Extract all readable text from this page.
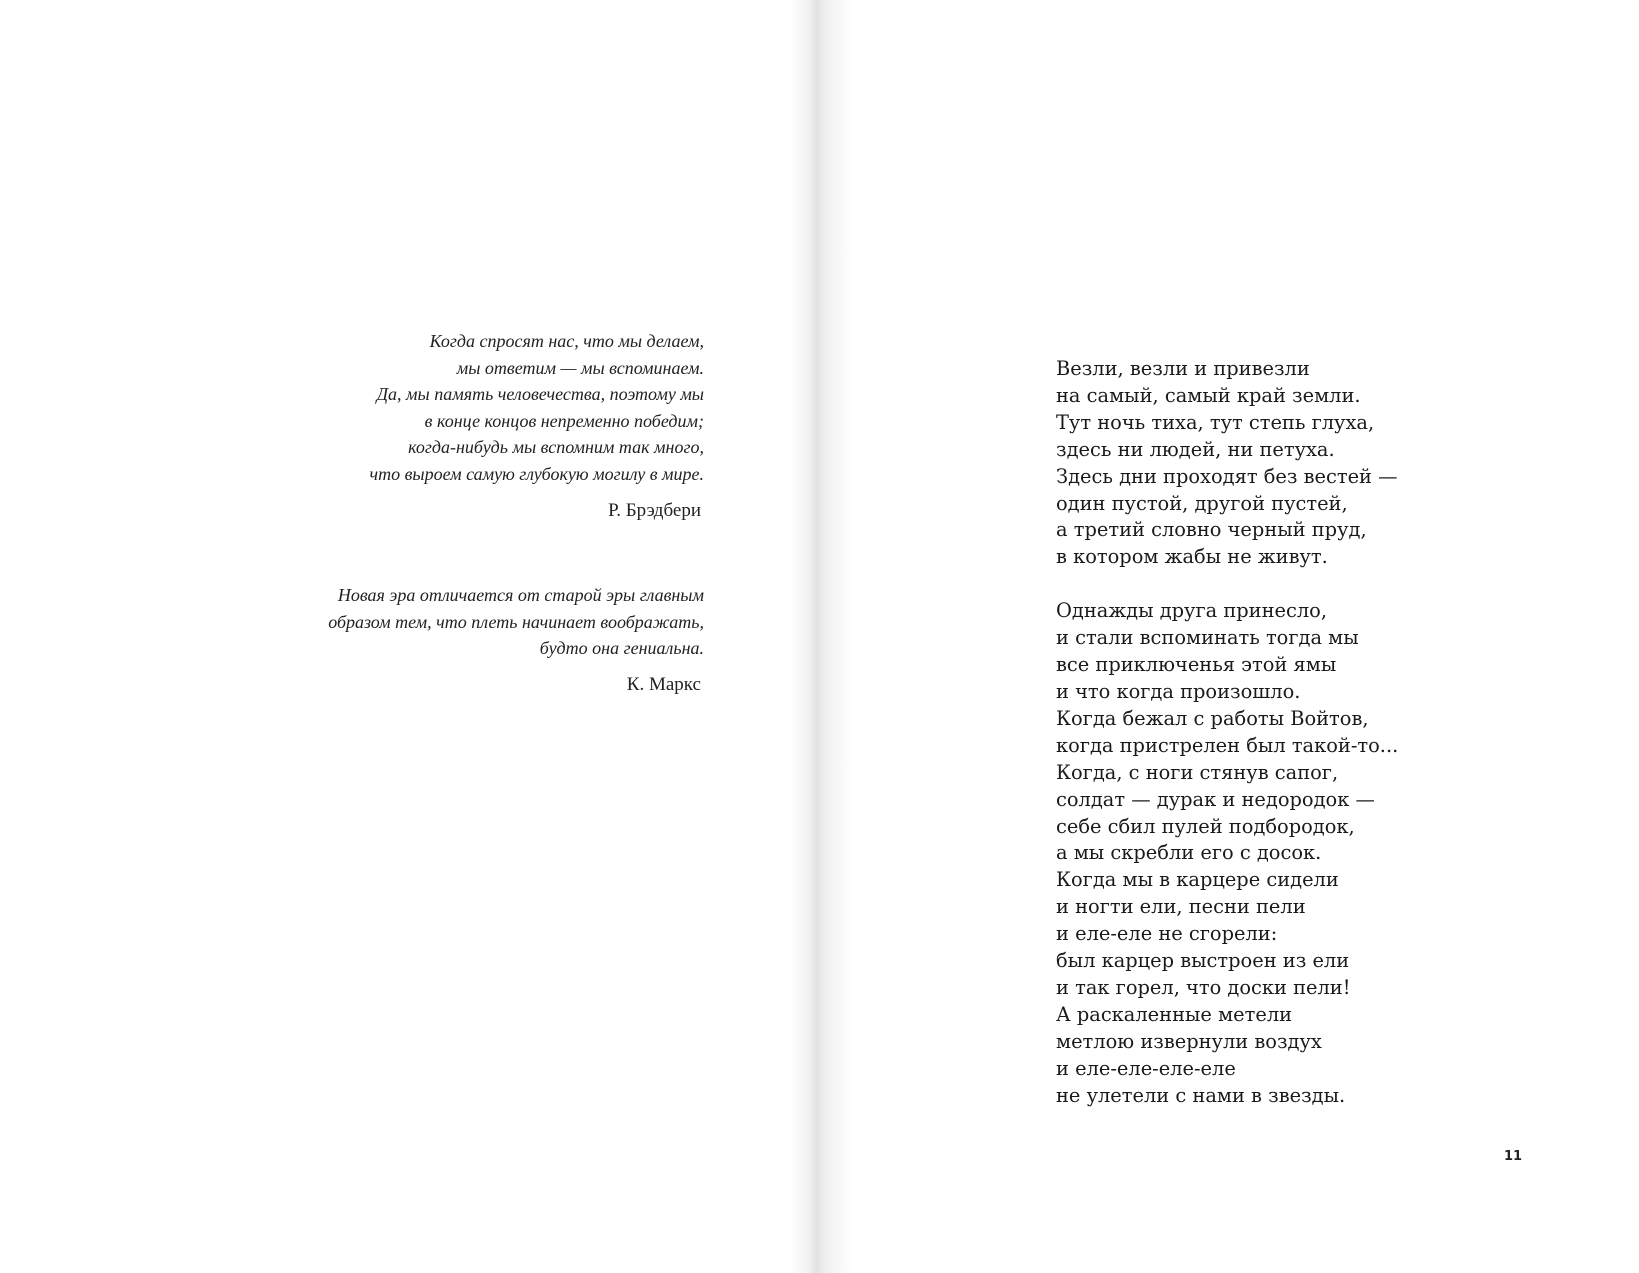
Когда спросят нас, что мы делаем,
мы ответим — мы вспоминаем.
Да, мы память человечества, поэтому мы
в конце концов непременно победим;
когда-нибудь мы вспомним так много,
что выроем самую глубокую могилу в мире.
Р. Брэдбери
Новая эра отличается от старой эры главным
образом тем, что плеть начинает воображать,
будто она гениальна.
К. Маркс
Везли, везли и привезли
на самый, самый край земли.
Тут ночь тиха, тут степь глуха,
здесь ни людей, ни петуха.
Здесь дни проходят без вестей —
один пустой, другой пустей,
а третий словно черный пруд,
в котором жабы не живут.
Однажды друга принесло,
и стали вспоминать тогда мы
все приключенья этой ямы
и что когда произошло.
Когда бежал с работы Войтов,
когда пристрелен был такой-то...
Когда, с ноги стянув сапог,
солдат — дурак и недородок —
себе сбил пулей подбородок,
а мы скребли его с досок.
Когда мы в карцере сидели
и ногти ели, песни пели
и еле-еле не сгорели:
был карцер выстроен из ели
и так горел, что доски пели!
А раскаленные метели
метлою извернули воздух
и еле-еле-еле-еле
не улетели с нами в звезды.
11
